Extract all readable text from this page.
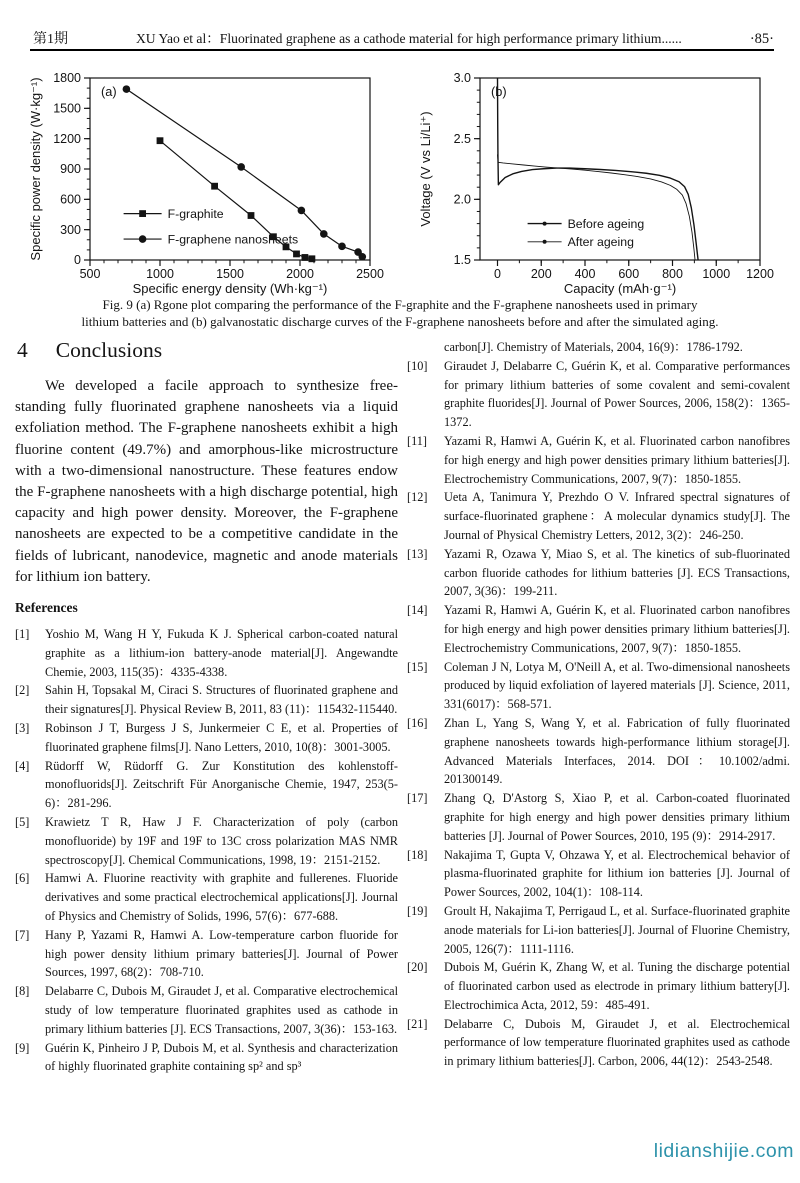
第1期	XU Yao et al：Fluorinated graphene as a cathode material for high performance primary lithium......	·85·
500	1000	1500	2000	2500
0
300
600
900
1200
1500
1800
F-graphite
F-graphene nanosheets
(a)
Specific energy density (Wh·kg⁻¹)
Specific power density (W·kg⁻¹)
0 200 400 600 800 1000 1200
1.5
2.0
2.5
3.0
Before ageing
After ageing
(b)
Capacity (mAh·g⁻¹)
Voltage (V vs Li/Li⁺)
Fig. 9 (a) Rgone plot comparing the performance of the F-graphite and the F-graphene nanosheets used in primary
lithium batteries and (b) galvanostatic discharge curves of the F-graphene nanosheets before and after the simulated aging.
4 Conclusions

We developed a facile approach to synthesize free-standing fully fluorinated graphene nanosheets via a liquid exfoliation method. The F-graphene nanosheets exhibit a high fluorine content (49.7%) and amorphous-like microstructure with a two-dimensional nanostructure. These features endow the F-graphene nanosheets with a high discharge potential, high capacity and high power density. Moreover, the F-graphene nanosheets are expected to be a competitive candidate in the fields of lubricant, nanodevice, magnetic and anode materials for lithium ion battery.

References
[1]	Yoshio M, Wang H Y, Fukuda K J. Spherical carbon-coated natural graphite as a lithium-ion battery-anode material[J]. Angewandte Chemie, 2003, 115(35)：4335-4338.
[2]	Sahin H, Topsakal M, Ciraci S. Structures of fluorinated graphene and their signatures[J]. Physical Review B, 2011, 83 (11)：115432-115440.
[3]	Robinson J T, Burgess J S, Junkermeier C E, et al. Properties of fluorinated graphene films[J]. Nano Letters, 2010, 10(8)：3001-3005.
[4]	Rüdorff W, Rüdorff G. Zur Konstitution des kohlenstoff-monofluorids[J]. Zeitschrift Für Anorganische Chemie, 1947, 253(5-6)：281-296.
[5]	Krawietz T R, Haw J F. Characterization of poly (carbon monofluoride) by 19F and 19F to 13C cross polarization MAS NMR spectroscopy[J]. Chemical Communications, 1998, 19：2151-2152.
[6]	Hamwi A. Fluorine reactivity with graphite and fullerenes. Fluoride derivatives and some practical electrochemical applications[J]. Journal of Physics and Chemistry of Solids, 1996, 57(6)：677-688.
[7]	Hany P, Yazami R, Hamwi A. Low-temperature carbon fluoride for high power density lithium primary batteries[J]. Journal of Power Sources, 1997, 68(2)：708-710.
[8]	Delabarre C, Dubois M, Giraudet J, et al. Comparative electrochemical study of low temperature fluorinated graphites used as cathode in primary lithium batteries [J]. ECS Transactions, 2007, 3(36)：153-163.
[9]	Guérin K, Pinheiro J P, Dubois M, et al. Synthesis and characterization of highly fluorinated graphite containing sp² and sp³
carbon[J]. Chemistry of Materials, 2004, 16(9)：1786-1792.
[10]	Giraudet J, Delabarre C, Guérin K, et al. Comparative performances for primary lithium batteries of some covalent and semi-covalent graphite fluorides[J]. Journal of Power Sources, 2006, 158(2)：1365-1372.
[11]	Yazami R, Hamwi A, Guérin K, et al. Fluorinated carbon nanofibres for high energy and high power densities primary lithium batteries[J]. Electrochemistry Communications, 2007, 9(7)：1850-1855.
[12]	Ueta A, Tanimura Y, Prezhdo O V. Infrared spectral signatures of surface-fluorinated graphene：A molecular dynamics study[J]. The Journal of Physical Chemistry Letters, 2012, 3(2)：246-250.
[13]	Yazami R, Ozawa Y, Miao S, et al. The kinetics of sub-fluorinated carbon fluoride cathodes for lithium batteries [J]. ECS Transactions, 2007, 3(36)：199-211.
[14]	Yazami R, Hamwi A, Guérin K, et al. Fluorinated carbon nanofibres for high energy and high power densities primary lithium batteries[J]. Electrochemistry Communications, 2007, 9(7)：1850-1855.
[15]	Coleman J N, Lotya M, O'Neill A, et al. Two-dimensional nanosheets produced by liquid exfoliation of layered materials [J]. Science, 2011, 331(6017)：568-571.
[16]	Zhan L, Yang S, Wang Y, et al. Fabrication of fully fluorinated graphene nanosheets towards high-performance lithium storage[J]. Advanced Materials Interfaces, 2014. DOI：10.1002/admi. 201300149.
[17]	Zhang Q, D'Astorg S, Xiao P, et al. Carbon-coated fluorinated graphite for high energy and high power densities primary lithium batteries [J]. Journal of Power Sources, 2010, 195 (9)：2914-2917.
[18]	Nakajima T, Gupta V, Ohzawa Y, et al. Electrochemical behavior of plasma-fluorinated graphite for lithium ion batteries [J]. Journal of Power Sources, 2002, 104(1)：108-114.
[19]	Groult H, Nakajima T, Perrigaud L, et al. Surface-fluorinated graphite anode materials for Li-ion batteries[J]. Journal of Fluorine Chemistry, 2005, 126(7)：1111-1116.
[20]	Dubois M, Guérin K, Zhang W, et al. Tuning the discharge potential of fluorinated carbon used as electrode in primary lithium battery[J]. Electrochimica Acta, 2012, 59：485-491.
[21]	Delabarre C, Dubois M, Giraudet J, et al. Electrochemical performance of low temperature fluorinated graphites used as cathode in primary lithium batteries[J]. Carbon, 2006, 44(12)：2543-2548.
lidianshijie.com
